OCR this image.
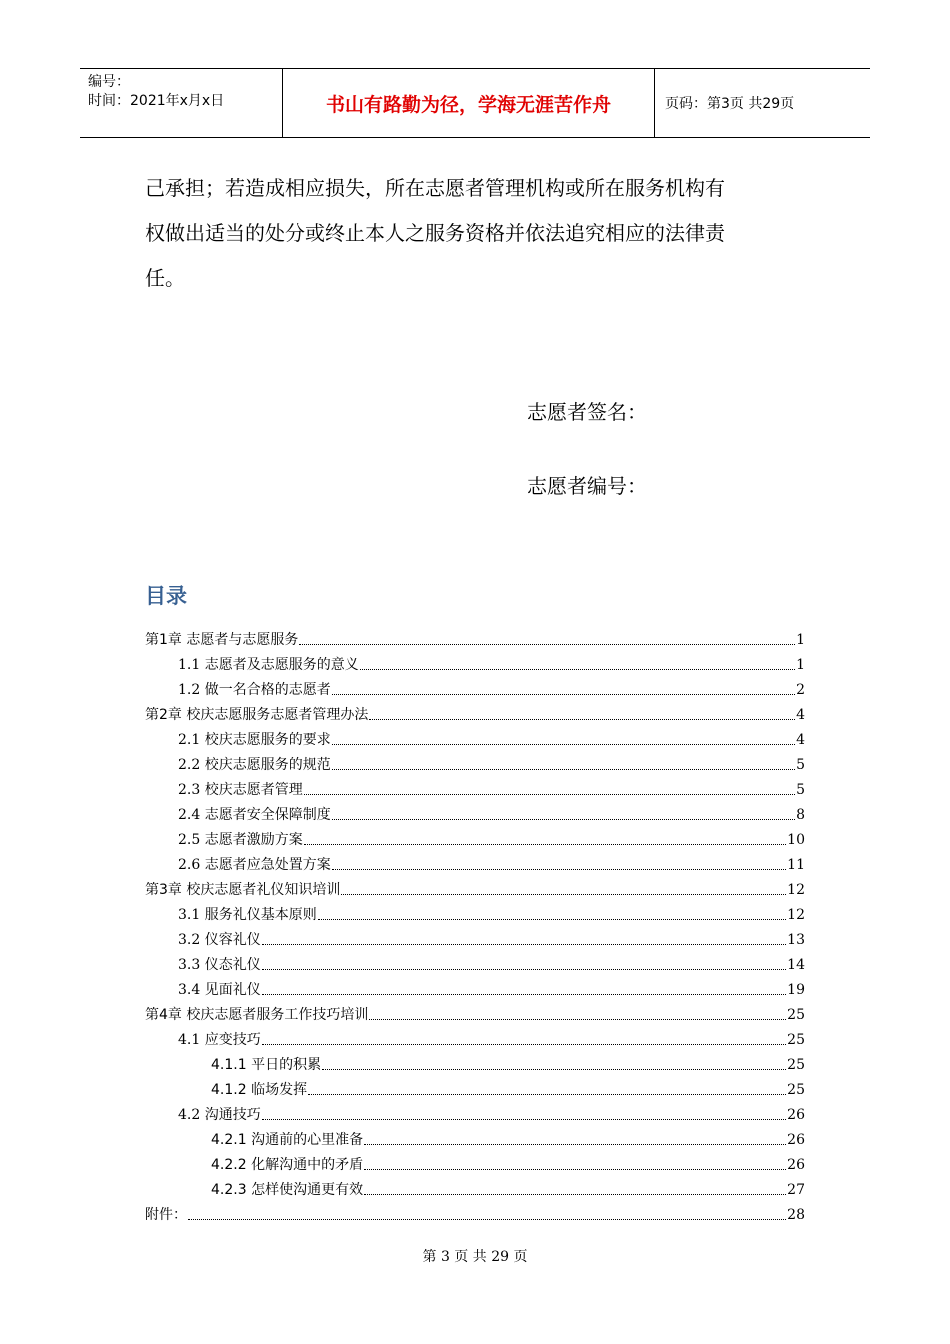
编号：
时间：2021年x月x日	书山有路勤为径，学海无涯苦作舟	页码：第3页 共29页
己承担；若造成相应损失，所在志愿者管理机构或所在服务机构有
权做出适当的处分或终止本人之服务资格并依法追究相应的法律责
任。
志愿者签名：
志愿者编号：
目录
第1章 志愿者与志愿服务	1
1.1 志愿者及志愿服务的意义	1
1.2 做一名合格的志愿者	2
第2章 校庆志愿服务志愿者管理办法	4
2.1 校庆志愿服务的要求	4
2.2 校庆志愿服务的规范	5
2.3 校庆志愿者管理	5
2.4 志愿者安全保障制度	8
2.5 志愿者激励方案	10
2.6 志愿者应急处置方案	11
第3章 校庆志愿者礼仪知识培训	12
3.1 服务礼仪基本原则	12
3.2 仪容礼仪	13
3.3 仪态礼仪	14
3.4 见面礼仪	19
第4章 校庆志愿者服务工作技巧培训	25
4.1 应变技巧	25
4.1.1 平日的积累	25
4.1.2 临场发挥	25
4.2 沟通技巧	26
4.2.1 沟通前的心里准备	26
4.2.2 化解沟通中的矛盾	26
4.2.3 怎样使沟通更有效	27
附件：	28
第 3 页 共 29 页
